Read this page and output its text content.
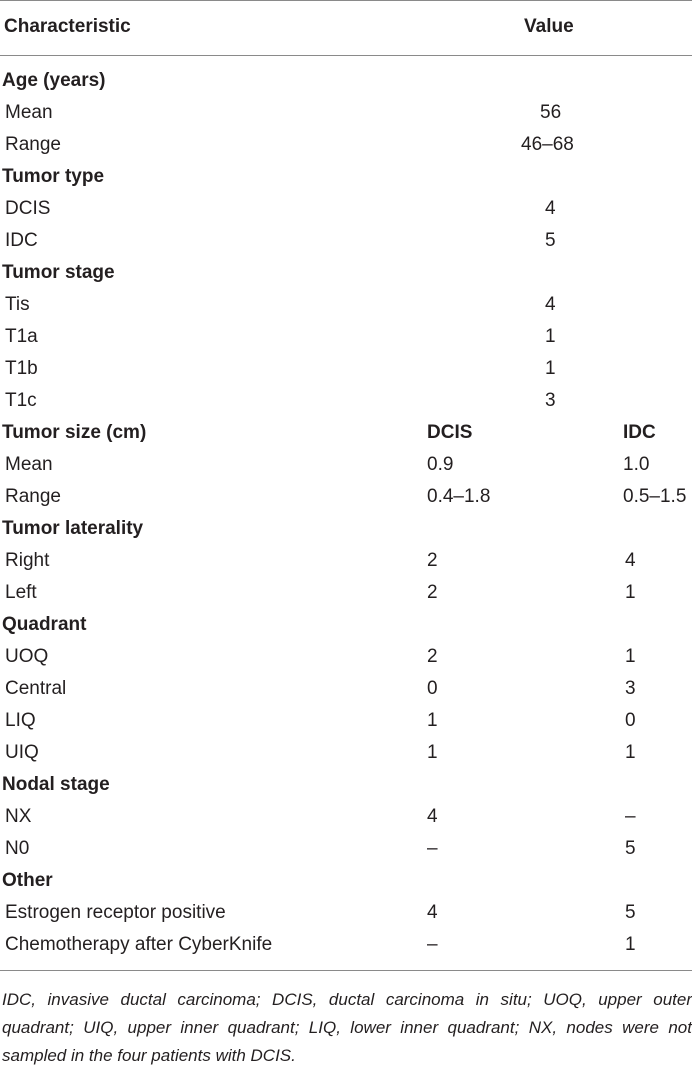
Characteristic	Value
Age (years)
Mean	56
Range	46–68
Tumor type
DCIS	4
IDC	5
Tumor stage
Tis	4
T1a	1
T1b	1
T1c	3
Tumor size (cm)	DCIS	IDC
Mean	0.9	1.0
Range	0.4–1.8	0.5–1.5
Tumor laterality
Right	2	4
Left	2	1
Quadrant
UOQ	2	1
Central	0	3
LIQ	1	0
UIQ	1	1
Nodal stage
NX	4	–
N0	–	5
Other
Estrogen receptor positive	4	5
Chemotherapy after CyberKnife	–	1
IDC, invasive ductal carcinoma; DCIS, ductal carcinoma in situ; UOQ, upper outer quadrant; UIQ, upper inner quadrant; LIQ, lower inner quadrant; NX, nodes were not sampled in the four patients with DCIS.
